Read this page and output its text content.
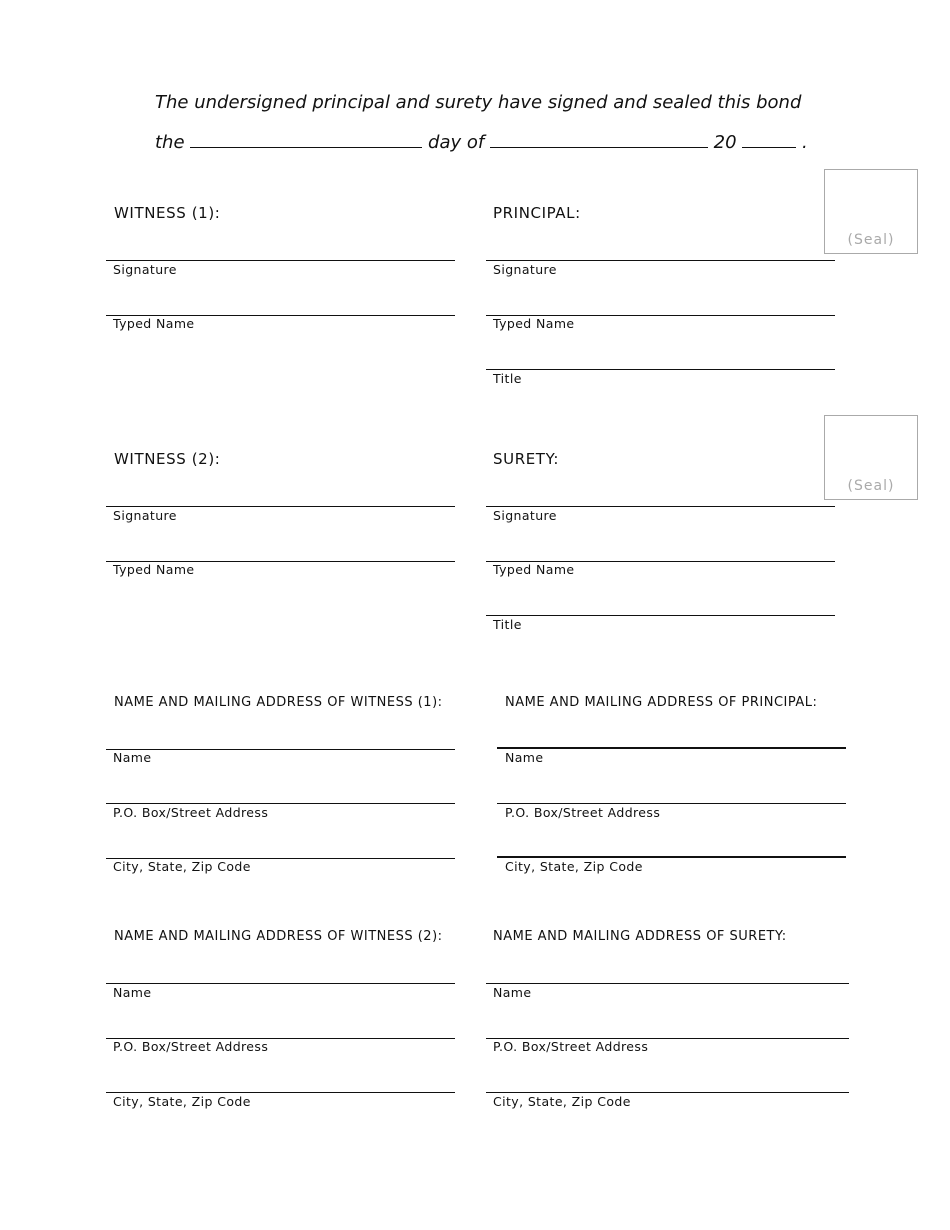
The undersigned principal and surety have signed and sealed this bond
the	day of	20	.
(Seal)
(Seal)
WITNESS (1):
Signature
Typed Name
PRINCIPAL:
Signature
Typed Name
Title
WITNESS (2):
Signature
Typed Name
SURETY:
Signature
Typed Name
Title
NAME AND MAILING ADDRESS OF WITNESS (1):
Name
P.O. Box/Street Address
City, State, Zip Code
NAME AND MAILING ADDRESS OF PRINCIPAL:
Name
P.O. Box/Street Address
City, State, Zip Code
NAME AND MAILING ADDRESS OF WITNESS (2):
Name
P.O. Box/Street Address
City, State, Zip Code
NAME AND MAILING ADDRESS OF SURETY:
Name
P.O. Box/Street Address
City, State, Zip Code
